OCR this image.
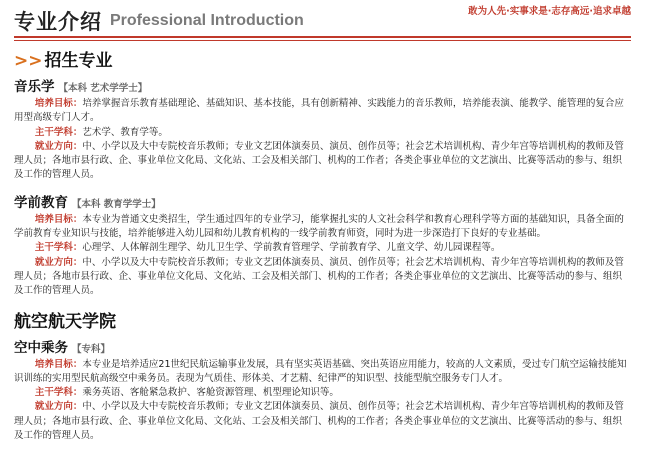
专业介绍 Professional Introduction
敢为人先·实事求是·志存高远·追求卓越
>> 招生专业
音乐学 【本科 艺术学学士】

培养目标：培养掌握音乐教育基础理论、基础知识、基本技能，具有创新精神、实践能力的音乐教师，培养能表演、能教学、能管理的复合应用型高级专门人才。

主干学科：艺术学、教育学等。

就业方向：中、小学以及大中专院校音乐教师；专业文艺团体演奏员、演员、创作员等；社会艺术培训机构、青少年宫等培训机构的教师及管理人员；各地市县行政、企、事业单位文化局、文化站、工会及相关部门、机构的工作者；各类企事业单位的文艺演出、比赛等活动的参与、组织及工作的管理人员。

学前教育 【本科 教育学学士】

培养目标：本专业为普通文史类招生，学生通过四年的专业学习，能掌握扎实的人文社会科学和教育心理科学等方面的基础知识，具备全面的学前教育专业知识与技能，培养能够进入幼儿园和幼儿教育机构的一线学前教育师资，同时为进一步深造打下良好的专业基础。

主干学科：心理学、人体解剖生理学、幼儿卫生学、学前教育管理学、学前教育学、儿童文学、幼儿园课程等。

就业方向：中、小学以及大中专院校音乐教师；专业文艺团体演奏员、演员、创作员等；社会艺术培训机构、青少年宫等培训机构的教师及管理人员；各地市县行政、企、事业单位文化局、文化站、工会及相关部门、机构的工作者；各类企事业单位的文艺演出、比赛等活动的参与、组织及工作的管理人员。

航空航天学院
空中乘务 【专科】

培养目标：本专业是培养适应21世纪民航运输事业发展，具有坚实英语基础、突出英语应用能力，较高的人文素质，受过专门航空运输技能知识训练的实用型民航高级空中乘务员。表现为气质佳、形体美、才艺精、纪律严的知识型、技能型航空服务专门人才。

主干学科：乘务英语、客舱紧急救护、客舱资源管理、机型理论知识等。

就业方向：中、小学以及大中专院校音乐教师；专业文艺团体演奏员、演员、创作员等；社会艺术培训机构、青少年宫等培训机构的教师及管理人员；各地市县行政、企、事业单位文化局、文化站、工会及相关部门、机构的工作者；各类企事业单位的文艺演出、比赛等活动的参与、组织及工作的管理人员。
